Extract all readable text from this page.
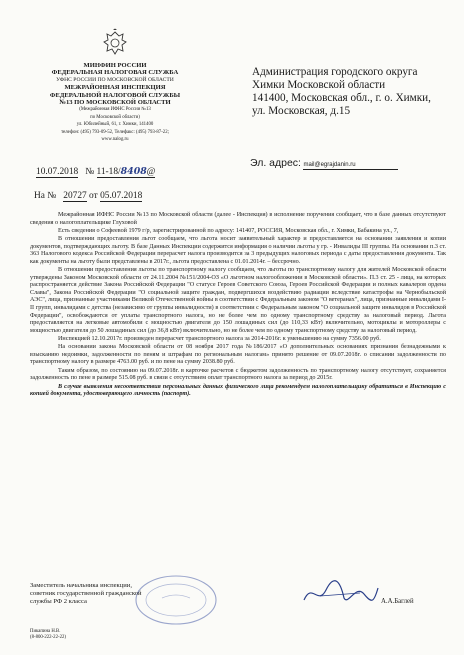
МИНФИН РОССИИ
ФЕДЕРАЛЬНАЯ НАЛОГОВАЯ СЛУЖБА
УФНС РОССИИ ПО МОСКОВСКОЙ ОБЛАСТИ
МЕЖРАЙОННАЯ ИНСПЕКЦИЯ
ФЕДЕРАЛЬНОЙ НАЛОГОВОЙ СЛУЖБЫ
№13 ПО МОСКОВСКОЙ ОБЛАСТИ
(Межрайонная ИФНС России №13
по Московской области)
ул. Юбилейный, 61, г. Химки, 141400
телефон: (495) 793-09-52, Телефакс: (495) 793-87-22;
www.nalog.ru
Администрация городского округа
Химки Московской области
141400, Московская обл., г. о. Химки,
ул. Московская, д.15
Эл. адрес: mail@egrajdanin.ru
10.07.2018 № 11-18/8408@
На № 20727 от 05.07.2018

Межрайонная ИФНС России №13 по Московской области (далее - Инспекция) в исполнение поручения сообщает, что в базе данных отсутствуют сведения о налогоплательщике Глуховой

Есть сведения о Софеевой 1979 г/р, зарегистрированной по адресу: 141407, РОССИЯ, Московская обл., г. Химки, Бабакина ул., 7,

В отношении предоставления льгот сообщаем, что льгота носит заявительный характер и предоставляется на основании заявления и копии документов, подтверждающих льготу. В базе Данных Инспекции содержится информация о наличии льготы у гр. - Инвалиды III группы. На основании п.3 ст. 363 Налогового кодекса Российской Федерации перерасчет налога производится за 3 предыдущих налоговых периода с даты предоставления документа. Так как документы на льготу были представлены в 2017г., льгота предоставлена с 01.01.2014г. – бессрочно.

В отношении предоставления льготы по транспортному налогу сообщаем, что льготы по транспортному налогу для жителей Московской области утверждены Законом Московской области от 24.11.2004 №151/2004-ОЗ «О льготном налогообложении в Московской области». П.3 ст. 25 - лица, на которых распространяется действие Закона Российской Федерации "О статусе Героев Советского Союза, Героев Российской Федерации и полных кавалеров ордена Славы", Закона Российской Федерации "О социальной защите граждан, подвергшихся воздействию радиации вследствие катастрофы на Чернобыльской АЭС", лица, признанные участниками Великой Отечественной войны в соответствии с Федеральным законом "О ветеранах", лица, признанные инвалидами I-II групп, инвалидами с детства (независимо от группы инвалидности) в соответствии с Федеральным законом "О социальной защите инвалидов в Российской Федерации", освобождаются от уплаты транспортного налога, но не более чем по одному транспортному средству за налоговый период. Льгота предоставляется на легковые автомобили с мощностью двигателя до 150 лошадиных сил (до 110,33 кВт) включительно, мотоциклы и мотороллеры с мощностью двигателя до 50 лошадиных сил (до 36,8 кВт) включительно, но не более чем по одному транспортному средству за налоговый период.

Инспекцией 12.10.2017г. произведен перерасчет транспортного налога за 2014-2016г. к уменьшению на сумму 7356.00 руб.

На основании закона Московской области от 08 ноября 2017 года №186/2017 «О дополнительных основаниях признания безнадежными к взысканию недоимки, задолженности по пеням и штрафам по региональным налогам» принято решение от 09.07.2018г. о списании задолженности по транспортному налогу в размере 4763.00 руб. и по пене на сумму 2038.80 руб.

Таким образом, по состоянию на 09.07.2018г. в карточке расчетов с бюджетом задолженность по транспортному налогу отсутствует, сохраняется задолженность по пене в размере 515.08 руб. в связи с отсутствием оплат транспортного налога за период до 2015г.

В случае выявления несоответствия персональных данных физического лица рекомендуем налогоплательщику обратиться в Инспекцию с копией документа, удостоверяющего личность (паспорт).

Заместитель начальника инспекции,
советник государственной гражданской
службы РФ 2 класса	А.А.Баглей
Пикапина Н.В.
(8-800-222-22-22)
